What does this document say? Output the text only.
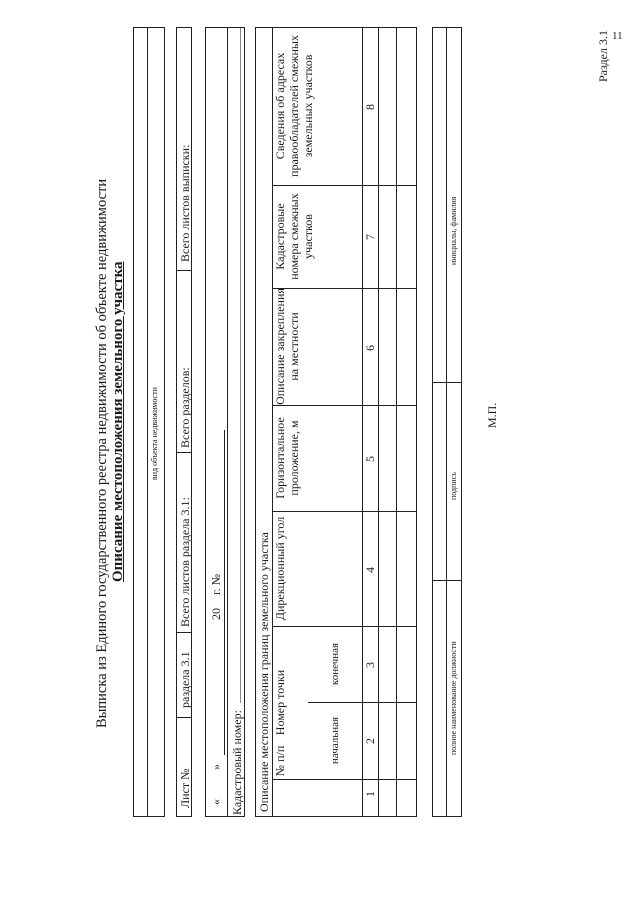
11
Раздел 3.1
Выписка из Единого государственного реестра недвижимости об объекте недвижимости Описание местоположения земельного участка	вид объекта недвижимости
Лист №
раздела 3.1
Всего листов раздела 3.1:
Всего разделов:
Всего листов выписки:
«
»
20
г. №
Кадастровый номер: Описание местоположения границ земельного участка № п/п
Номер точки
начальная
конечная
Дирекционный угол
Горизонтальное проложение, м
Описание закрепления на местности
Кадастровые номера смежных участков
Сведения об адресах правообладателей смежных земельных участков
1
2
3
4
5
6
7
8
полное наименование должности
подпись
инициалы, фамилия
М.П.
